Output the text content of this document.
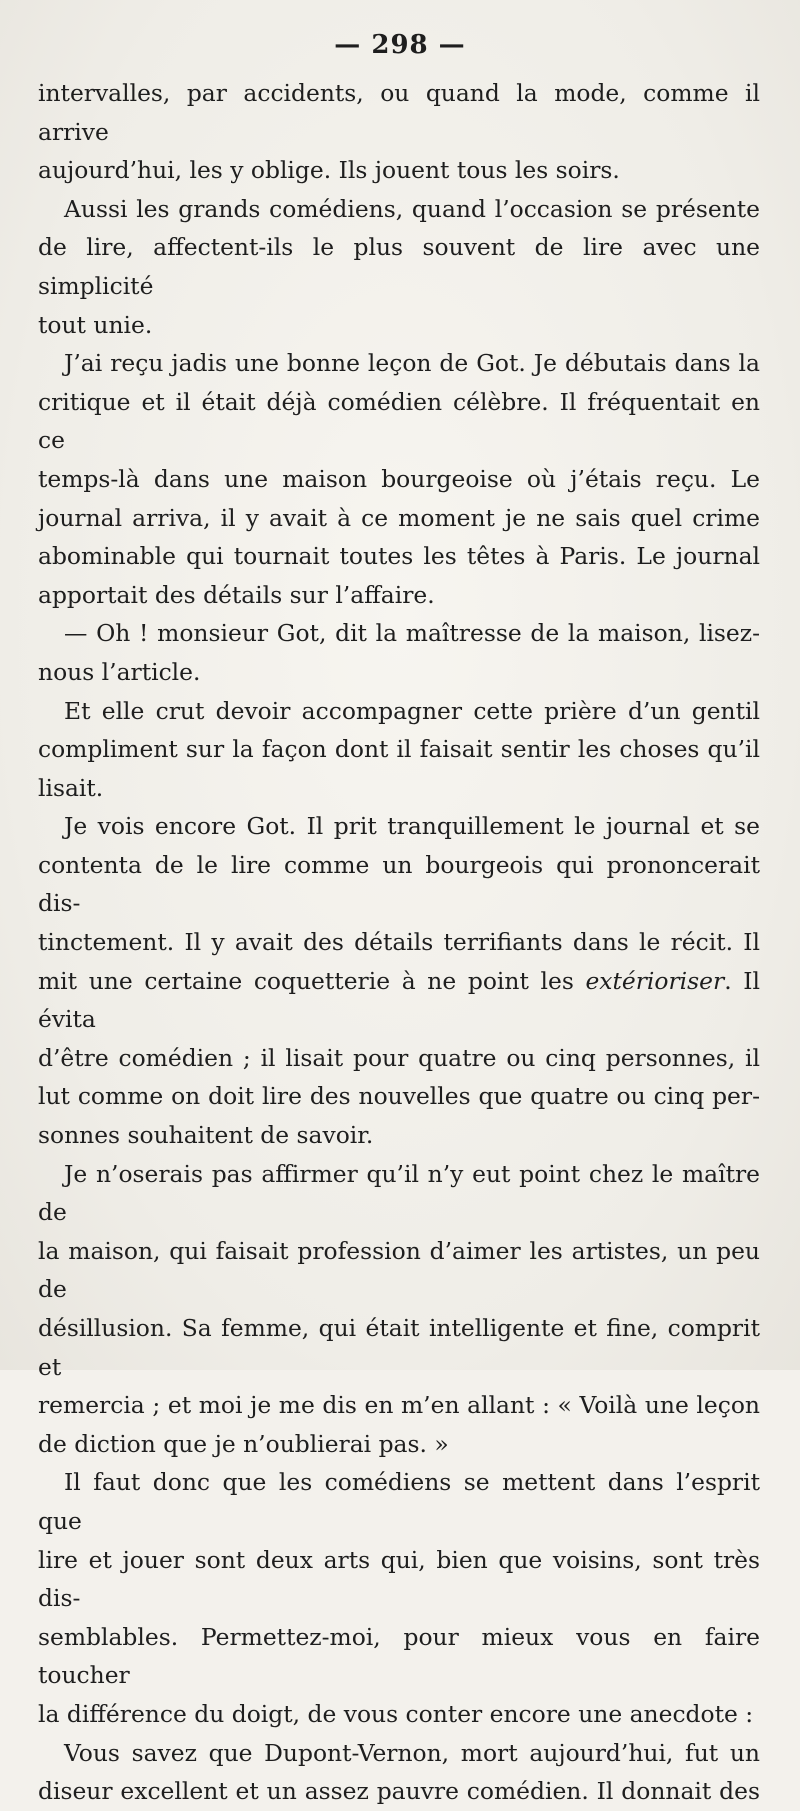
— 298 —

intervalles, par accidents, ou quand la mode, comme il arrive
aujourd’hui, les y oblige. Ils jouent tous les soirs.

Aussi les grands comédiens, quand l’occasion se présente
de lire, affectent-ils le plus souvent de lire avec une simplicité
tout unie.

J’ai reçu jadis une bonne leçon de Got. Je débutais dans la
critique et il était déjà comédien célèbre. Il fréquentait en ce
temps-là dans une maison bourgeoise où j’étais reçu. Le
journal arriva, il y avait à ce moment je ne sais quel crime
abominable qui tournait toutes les têtes à Paris. Le journal
apportait des détails sur l’affaire.

— Oh ! monsieur Got, dit la maîtresse de la maison, lisez-
nous l’article.

Et elle crut devoir accompagner cette prière d’un gentil
compliment sur la façon dont il faisait sentir les choses qu’il
lisait.

Je vois encore Got. Il prit tranquillement le journal et se
contenta de le lire comme un bourgeois qui prononcerait dis-
tinctement. Il y avait des détails terrifiants dans le récit. Il
mit une certaine coquetterie à ne point les extérioriser. Il évita
d’être comédien ; il lisait pour quatre ou cinq personnes, il
lut comme on doit lire des nouvelles que quatre ou cinq per-
sonnes souhaitent de savoir.

Je n’oserais pas affirmer qu’il n’y eut point chez le maître de
la maison, qui faisait profession d’aimer les artistes, un peu de
désillusion. Sa femme, qui était intelligente et fine, comprit et
remercia ; et moi je me dis en m’en allant : « Voilà une leçon
de diction que je n’oublierai pas. »

Il faut donc que les comédiens se mettent dans l’esprit que
lire et jouer sont deux arts qui, bien que voisins, sont très dis-
semblables. Permettez-moi, pour mieux vous en faire toucher
la différence du doigt, de vous conter encore une anecdote :

Vous savez que Dupont-Vernon, mort aujourd’hui, fut un
diseur excellent et un assez pauvre comédien. Il donnait des
